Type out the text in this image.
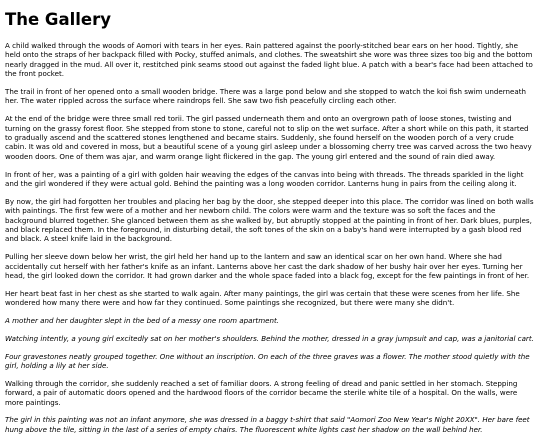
The Gallery

A child walked through the woods of Aomori with tears in her eyes. Rain pattered against the poorly-stitched bear ears on her hood. Tightly, she held onto the straps of her backpack filled with Pocky, stuffed animals, and clothes. The sweatshirt she wore was three sizes too big and the bottom nearly dragged in the mud. All over it, restitched pink seams stood out against the faded light blue. A patch with a bear's face had been attached to the front pocket.

The trail in front of her opened onto a small wooden bridge. There was a large pond below and she stopped to watch the koi fish swim underneath her. The water rippled across the surface where raindrops fell. She saw two fish peacefully circling each other.

At the end of the bridge were three small red torii. The girl passed underneath them and onto an overgrown path of loose stones, twisting and turning on the grassy forest floor. She stepped from stone to stone, careful not to slip on the wet surface. After a short while on this path, it started to gradually ascend and the scattered stones lengthened and became stairs. Suddenly, she found herself on the wooden porch of a very crude cabin. It was old and covered in moss, but a beautiful scene of a young girl asleep under a blossoming cherry tree was carved across the two heavy wooden doors. One of them was ajar, and warm orange light flickered in the gap. The young girl entered and the sound of rain died away.

In front of her, was a painting of a girl with golden hair weaving the edges of the canvas into being with threads. The threads sparkled in the light and the girl wondered if they were actual gold. Behind the painting was a long wooden corridor. Lanterns hung in pairs from the ceiling along it.

By now, the girl had forgotten her troubles and placing her bag by the door, she stepped deeper into this place. The corridor was lined on both walls with paintings. The first few were of a mother and her newborn child. The colors were warm and the texture was so soft the faces and the background blurred together. She glanced between them as she walked by, but abruptly stopped at the painting in front of her. Dark blues, purples, and black replaced them. In the foreground, in disturbing detail, the soft tones of the skin on a baby's hand were interrupted by a gash blood red and black. A steel knife laid in the background.

Pulling her sleeve down below her wrist, the girl held her hand up to the lantern and saw an identical scar on her own hand. Where she had accidentally cut herself with her father's knife as an infant. Lanterns above her cast the dark shadow of her bushy hair over her eyes. Turning her head, the girl looked down the corridor. It had grown darker and the whole space faded into a black fog, except for the few paintings in front of her.

Her heart beat fast in her chest as she started to walk again. After many paintings, the girl was certain that these were scenes from her life. She wondered how many there were and how far they continued. Some paintings she recognized, but there were many she didn't.

A mother and her daughter slept in the bed of a messy one room apartment.

Watching intently, a young girl excitedly sat on her mother's shoulders. Behind the mother, dressed in a gray jumpsuit and cap, was a janitorial cart.

Four gravestones neatly grouped together. One without an inscription. On each of the three graves was a flower. The mother stood quietly with the girl, holding a lily at her side.

Walking through the corridor, she suddenly reached a set of familiar doors. A strong feeling of dread and panic settled in her stomach. Stepping forward, a pair of automatic doors opened and the hardwood floors of the corridor became the sterile white tile of a hospital. On the walls, were more paintings.

The girl in this painting was not an infant anymore, she was dressed in a baggy t-shirt that said "Aomori Zoo New Year's Night 20XX". Her bare feet hung above the tile, sitting in the last of a series of empty chairs. The fluorescent white lights cast her shadow on the wall behind her.
